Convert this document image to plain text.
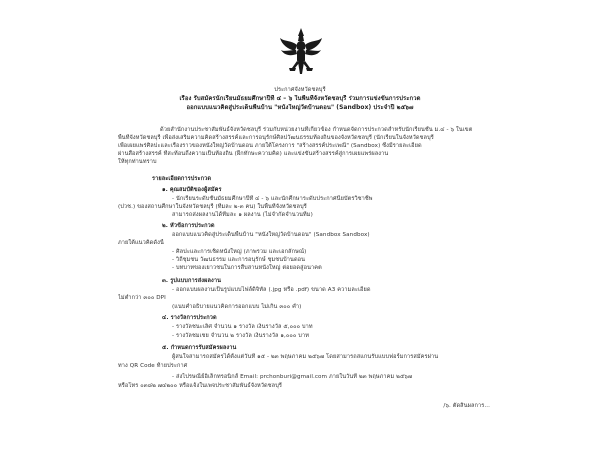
ประกาศจังหวัดชลบุรี
เรื่อง รับสมัครนักเรียนมัธยมศึกษาปีที่ ๔ – ๖ ในพื้นที่จังหวัดชลบุรี ร่วมการแข่งขันการประกวด
ออกแบบแนวคิดสู่ประเด็นพื้นบ้าน "หนังใหญ่วัดบ้านดอน" (Sandbox) ประจำปี ๒๕๖๗
ด้วยสำนักงานประชาสัมพันธ์จังหวัดชลบุรี ร่วมกับหน่วยงานที่เกี่ยวข้อง กำหนดจัดการประกวดสำหรับนักเรียนชั้น ม.๔ - ๖ ในเขต
พื้นที่จังหวัดชลบุรี เพื่อส่งเสริมความคิดสร้างสรรค์และการอนุรักษ์ศิลปวัฒนธรรมท้องถิ่นของจังหวัดชลบุรี (นักเรียนในจังหวัดชลบุรี
เพื่อเผยแพร่ศิลปะและเรื่องราวของหนังใหญ่วัดบ้านดอน ภายใต้โครงการ "สร้างสรรค์ประเพณี" (Sandbox) ซึ่งมีรายละเอียด
ผ่านสื่อสร้างสรรค์ ที่สะท้อนถึงความเป็นท้องถิ่น (ฝึกทักษะความคิด) และแข่งขันสร้างสรรค์สู่การเผยแพร่ผลงาน
ให้ทุกท่านทราบ
รายละเอียดการประกวด
๑. คุณสมบัติของผู้สมัคร
- นักเรียนระดับชั้นมัธยมศึกษาปีที่ ๔ - ๖ และนักศึกษาระดับประกาศนียบัตรวิชาชีพ
(ปวช.) ของสถานศึกษาในจังหวัดชลบุรี (ทีมละ ๒-๓ คน) ในพื้นที่จังหวัดชลบุรี
สามารถส่งผลงานได้ทีมละ ๑ ผลงาน (ไม่จำกัดจำนวนทีม)
๒. หัวข้อการประกวด
ออกแบบแนวคิดสู่ประเด็นพื้นบ้าน "หนังใหญ่วัดบ้านดอน" (Sandbox Sandbox)
ภายใต้แนวคิดดังนี้
- ศิลปะและการเชิดหนังใหญ่ (ภาพรวม และเอกลักษณ์)
- วิถีชุมชน วัฒนธรรม และการอนุรักษ์ ชุมชนบ้านดอน
- บทบาทของเยาวชนในการสืบสานหนังใหญ่ ต่อยอดสู่อนาคต
๓. รูปแบบการส่งผลงาน
- ออกแบบผลงานเป็นรูปแบบไฟล์ดิจิทัล (.jpg หรือ .pdf) ขนาด A3 ความละเอียด
ไม่ต่ำกว่า ๓๐๐ DPI
(แนบคำอธิบายแนวคิดการออกแบบ ไม่เกิน ๓๐๐ คำ)
๔. รางวัลการประกวด
- รางวัลชนะเลิศ จำนวน ๑ รางวัล เงินรางวัล ๕,๐๐๐ บาท
- รางวัลชมเชย จำนวน ๒ รางวัล เงินรางวัล ๑,๐๐๐ บาท
๕. กำหนดการรับสมัครผลงาน
ผู้สนใจสามารถสมัครได้ตั้งแต่วันที่ ๑๕ - ๒๓ พฤษภาคม ๒๕๖๗ โดยสามารถสแกนรับแบบฟอร์มการสมัครผ่าน
ทาง QR Code ท้ายประกาศ
- ส่งไปรษณีย์อิเล็กทรอนิกส์ Email: prchonburi@gmail.com ภายในวันที่ ๒๓ พฤษภาคม ๒๕๖๗
หรือโทร ๐๓๘๒ ๗๔๒๐๐ หรือแจ้งในเพจประชาสัมพันธ์จังหวัดชลบุรี
/๖. ตัดสินผลการ...
